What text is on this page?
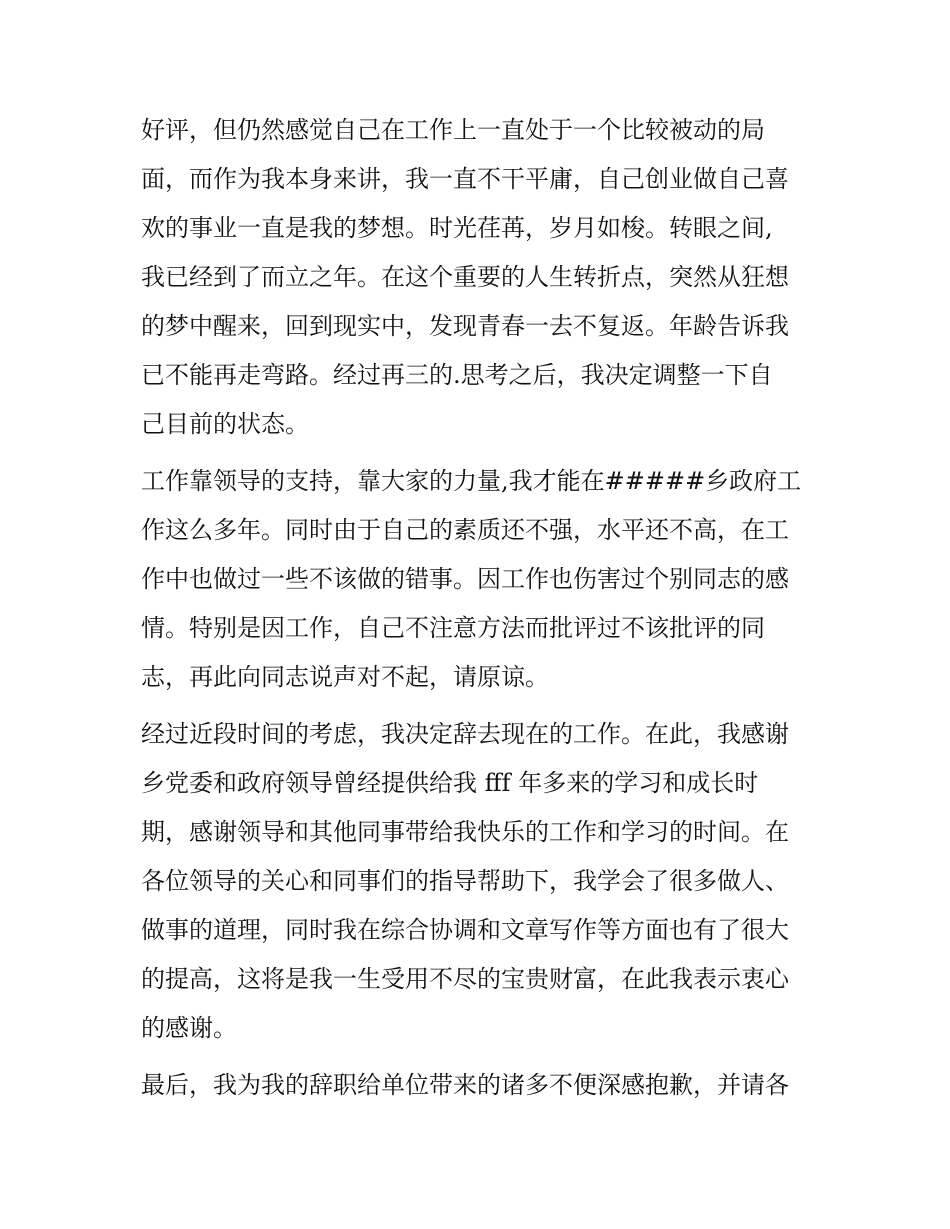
好评，但仍然感觉自己在工作上一直处于一个比较被动的局
面，而作为我本身来讲，我一直不干平庸，自己创业做自己喜
欢的事业一直是我的梦想。时光荏苒，岁月如梭。转眼之间,
我已经到了而立之年。在这个重要的人生转折点，突然从狂想
的梦中醒来，回到现实中，发现青春一去不复返。年龄告诉我
已不能再走弯路。经过再三的.思考之后，我决定调整一下自
己目前的状态。
工作靠领导的支持，靠大家的力量,我才能在#####乡政府工
作这么多年。同时由于自己的素质还不强，水平还不高，在工
作中也做过一些不该做的错事。因工作也伤害过个别同志的感
情。特别是因工作，自己不注意方法而批评过不该批评的同
志，再此向同志说声对不起，请原谅。
经过近段时间的考虑，我决定辞去现在的工作。在此，我感谢
乡党委和政府领导曾经提供给我 fff 年多来的学习和成长时
期，感谢领导和其他同事带给我快乐的工作和学习的时间。在
各位领导的关心和同事们的指导帮助下，我学会了很多做人、
做事的道理，同时我在综合协调和文章写作等方面也有了很大
的提高，这将是我一生受用不尽的宝贵财富，在此我表示衷心
的感谢。
最后，我为我的辞职给单位带来的诸多不便深感抱歉，并请各
